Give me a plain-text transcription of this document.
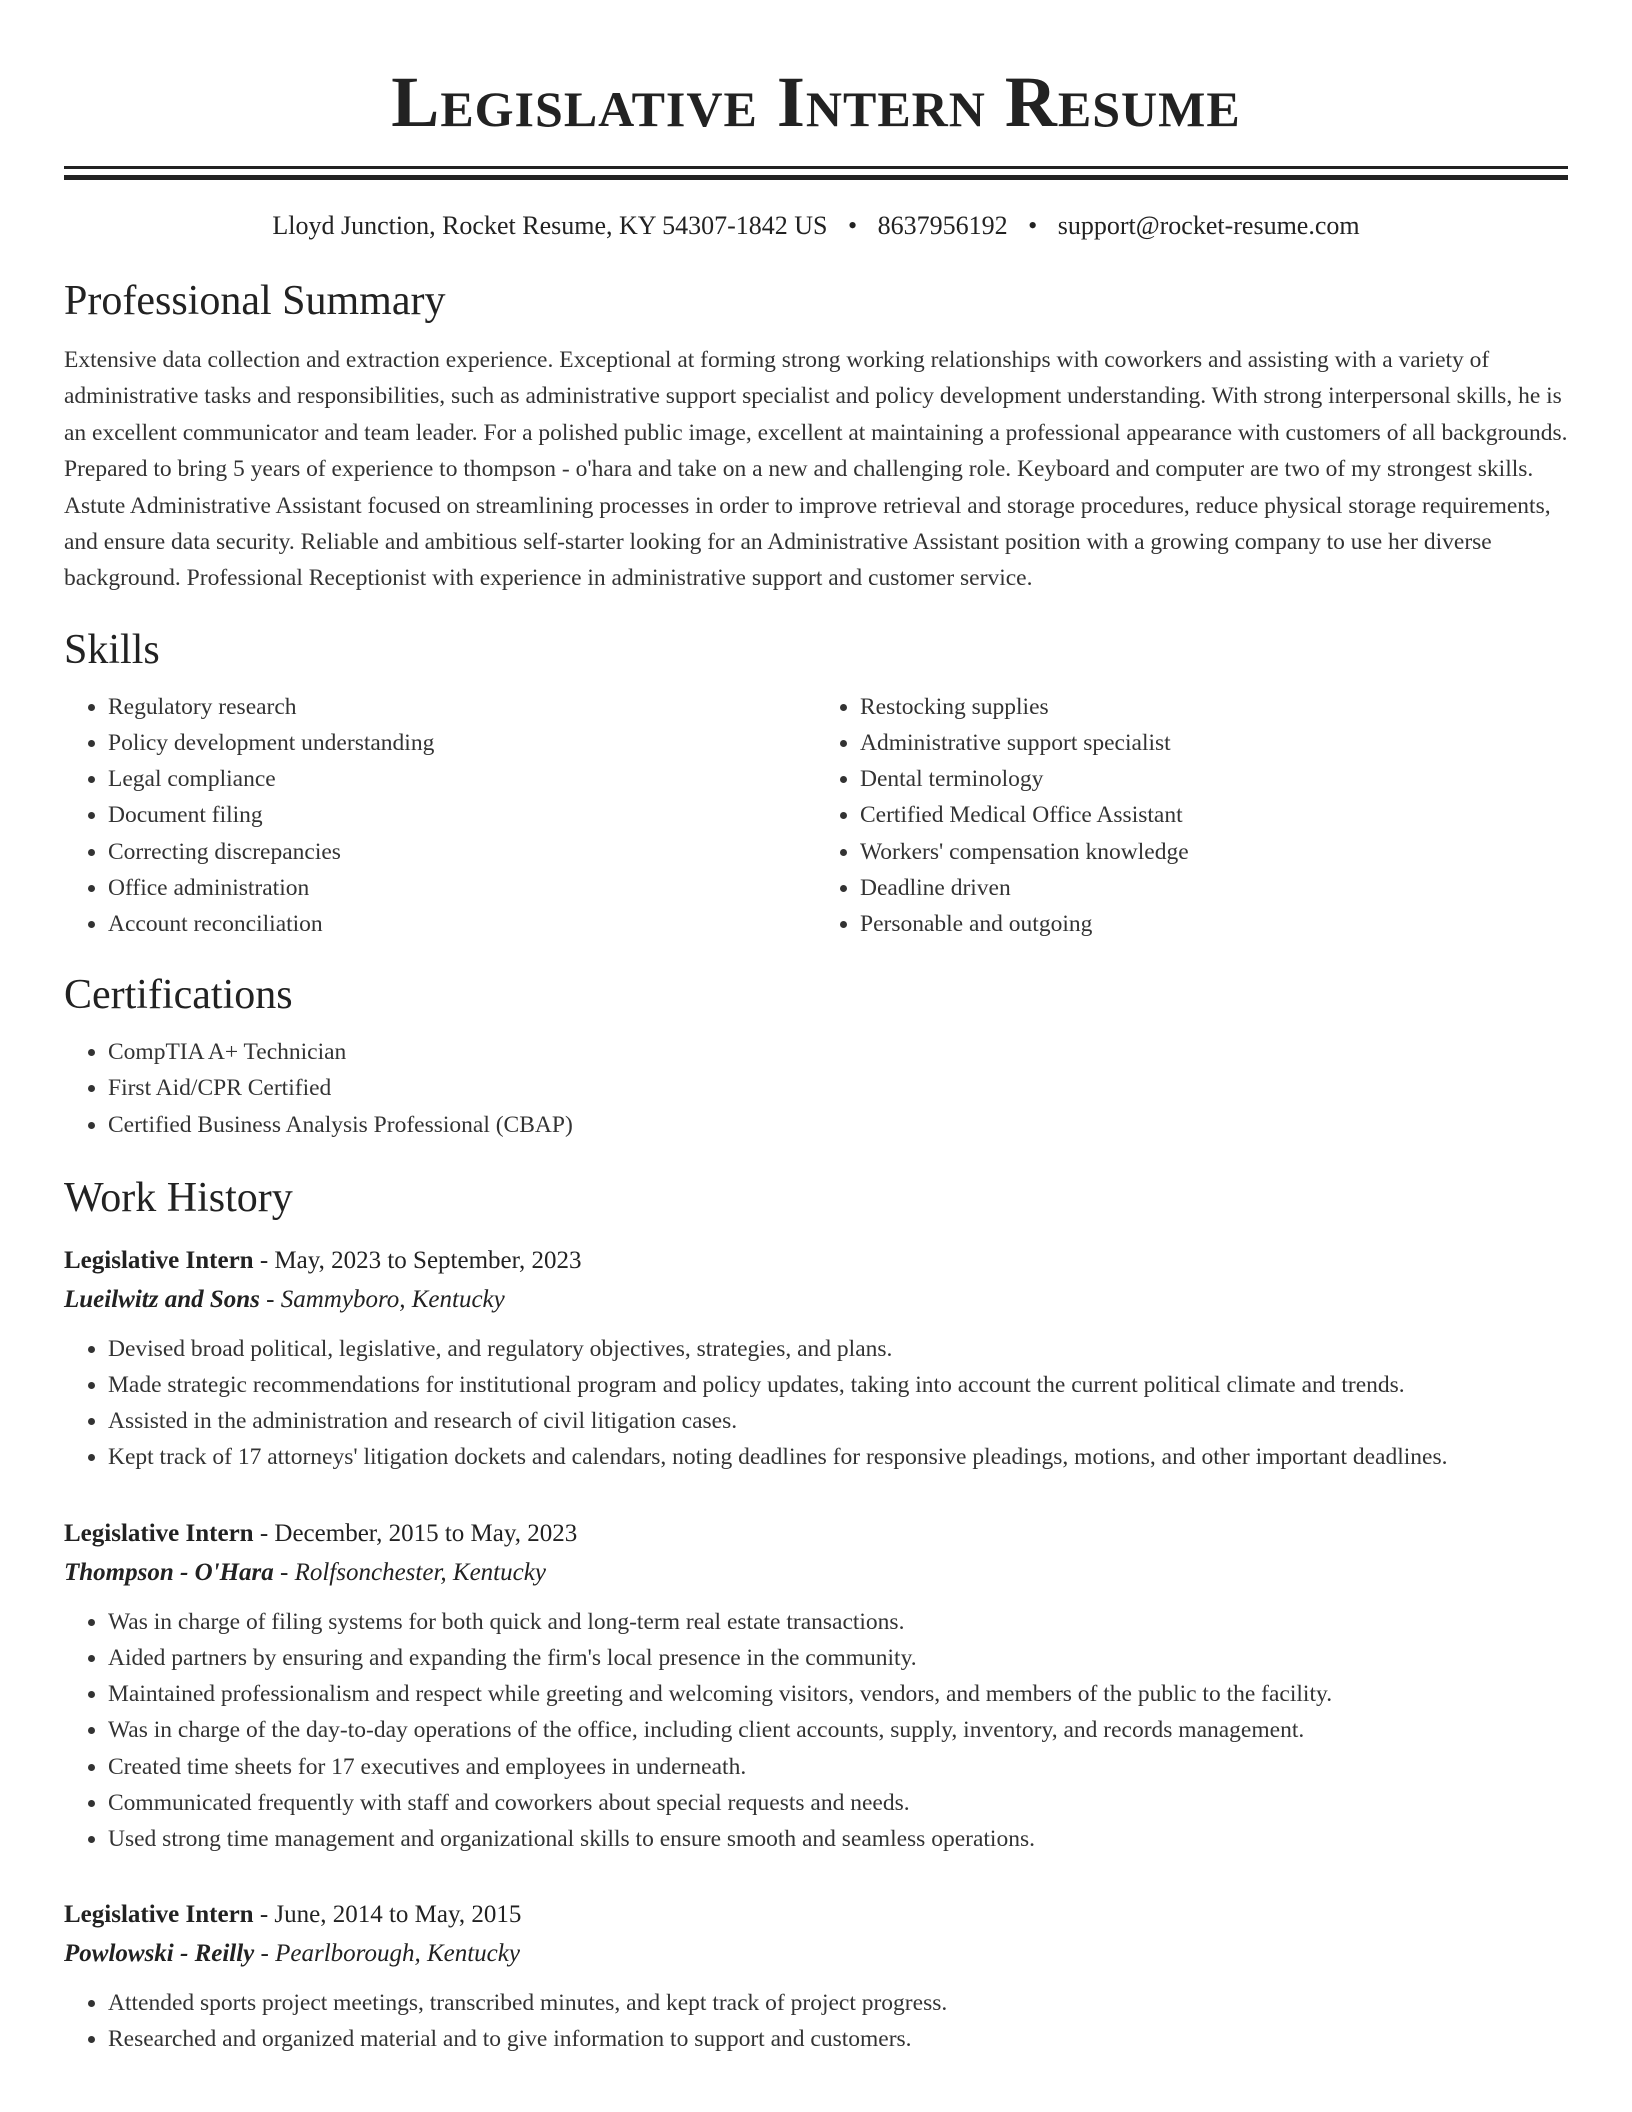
Legislative Intern Resume
Lloyd Junction, Rocket Resume, KY 54307-1842 US • 8637956192 • support@rocket-resume.com
Professional Summary

Extensive data collection and extraction experience. Exceptional at forming strong working relationships with coworkers and assisting with a variety of administrative tasks and responsibilities, such as administrative support specialist and policy development understanding. With strong interpersonal skills, he is an excellent communicator and team leader. For a polished public image, excellent at maintaining a professional appearance with customers of all backgrounds. Prepared to bring 5 years of experience to thompson - o'hara and take on a new and challenging role. Keyboard and computer are two of my strongest skills. Astute Administrative Assistant focused on streamlining processes in order to improve retrieval and storage procedures, reduce physical storage requirements, and ensure data security. Reliable and ambitious self-starter looking for an Administrative Assistant position with a growing company to use her diverse background. Professional Receptionist with experience in administrative support and customer service.

Skills
• Regulatory research
• Policy development understanding
• Legal compliance
• Document filing
• Correcting discrepancies
• Office administration
• Account reconciliation
• Restocking supplies
• Administrative support specialist
• Dental terminology
• Certified Medical Office Assistant
• Workers' compensation knowledge
• Deadline driven
• Personable and outgoing
Certifications
• CompTIA A+ Technician
• First Aid/CPR Certified
• Certified Business Analysis Professional (CBAP)
Work History
Legislative Intern - May, 2023 to September, 2023
Lueilwitz and Sons - Sammyboro, Kentucky
• Devised broad political, legislative, and regulatory objectives, strategies, and plans.
• Made strategic recommendations for institutional program and policy updates, taking into account the current political climate and trends.
• Assisted in the administration and research of civil litigation cases.
• Kept track of 17 attorneys' litigation dockets and calendars, noting deadlines for responsive pleadings, motions, and other important deadlines.
Legislative Intern - December, 2015 to May, 2023
Thompson - O'Hara - Rolfsonchester, Kentucky
• Was in charge of filing systems for both quick and long-term real estate transactions.
• Aided partners by ensuring and expanding the firm's local presence in the community.
• Maintained professionalism and respect while greeting and welcoming visitors, vendors, and members of the public to the facility.
• Was in charge of the day-to-day operations of the office, including client accounts, supply, inventory, and records management.
• Created time sheets for 17 executives and employees in underneath.
• Communicated frequently with staff and coworkers about special requests and needs.
• Used strong time management and organizational skills to ensure smooth and seamless operations.
Legislative Intern - June, 2014 to May, 2015
Powlowski - Reilly - Pearlborough, Kentucky
• Attended sports project meetings, transcribed minutes, and kept track of project progress.
• Researched and organized material and to give information to support and customers.
